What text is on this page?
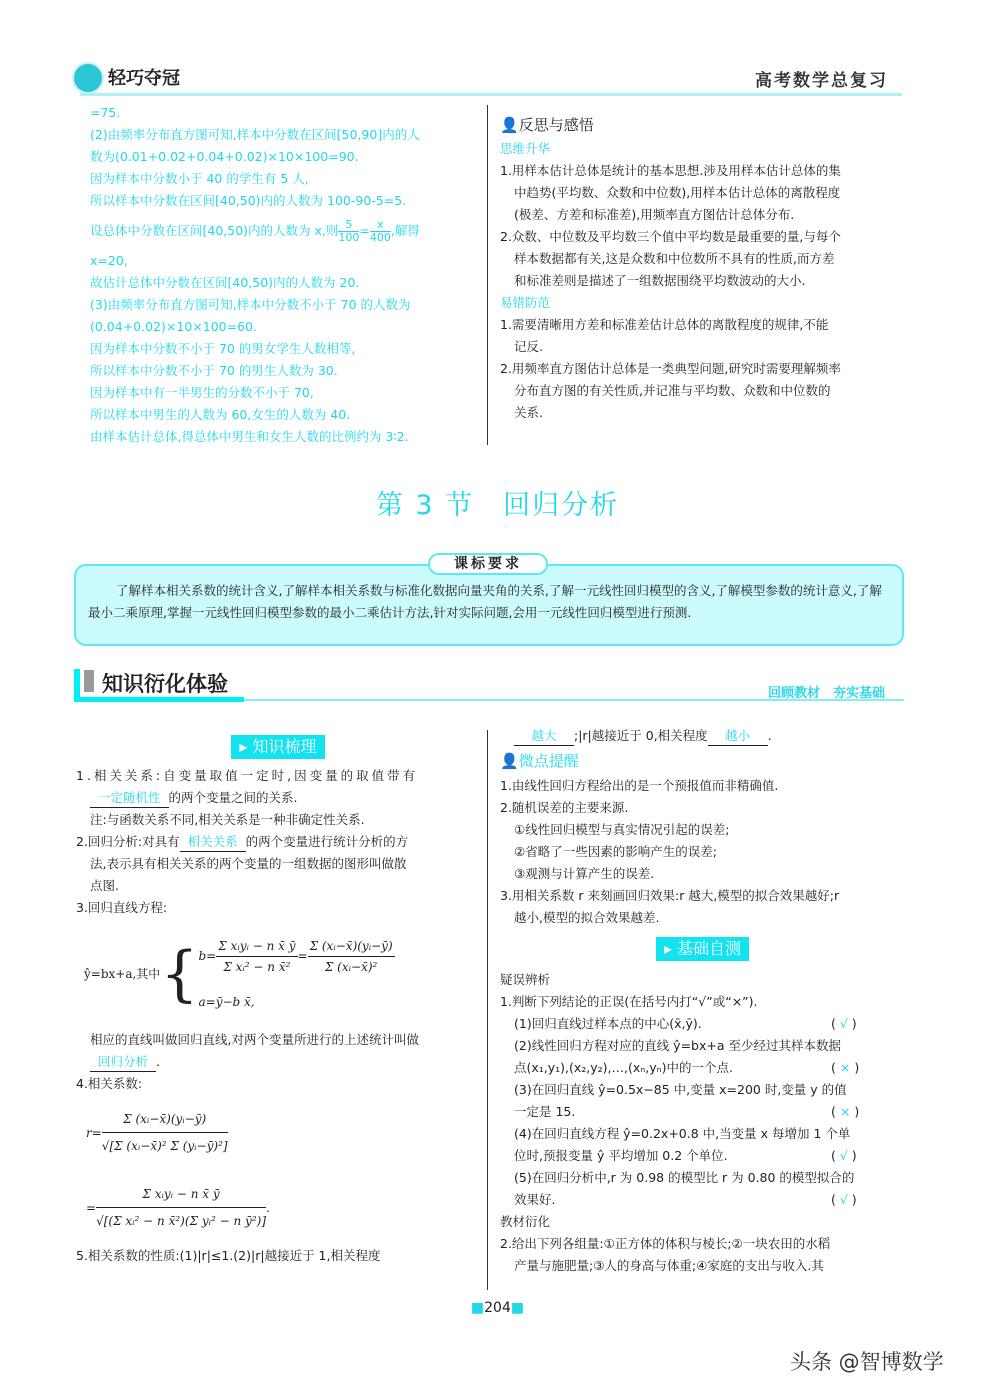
轻巧夺冠	高考数学总复习
=75.
(2)由频率分布直方图可知,样本中分数在区间[50,90]内的人
数为(0.01+0.02+0.04+0.02)×10×100=90.
因为样本中分数小于 40 的学生有 5 人,
所以样本中分数在区间[40,50)内的人数为 100-90-5=5.
设总体中分数在区间[40,50)内的人数为 x,则 $\frac{5}{100} = \frac{x}{400}$ ,解得
x=20,
故估计总体中分数在区间[40,50)内的人数为 20.
(3)由频率分布直方图可知,样本中分数不小于 70 的人数为
(0.04+0.02)×10×100=60.
因为样本中分数不小于 70 的男女学生人数相等,
所以样本中分数不小于 70 的男生人数为 30.
因为样本中有一半男生的分数不小于 70,
所以样本中男生的人数为 60,女生的人数为 40.
由样本估计总体,得总体中男生和女生人数的比例约为 3∶2.
👤反思与感悟
思维升华
1.用样本估计总体是统计的基本思想.涉及用样本估计总体的集
中趋势(平均数、众数和中位数),用样本估计总体的离散程度
(极差、方差和标准差),用频率直方图估计总体分布.
2.众数、中位数及平均数三个值中平均数是最重要的量,与每个
样本数据都有关,这是众数和中位数所不具有的性质,而方差
和标准差则是描述了一组数据围绕平均数波动的大小.
易错防范
1.需要清晰用方差和标准差估计总体的离散程度的规律,不能
记反.
2.用频率直方图估计总体是一类典型问题,研究时需要理解频率
分布直方图的有关性质,并记准与平均数、众数和中位数的
关系.
第 3 节　回归分析
了解样本相关系数的统计含义,了解样本相关系数与标准化数据向量夹角的关系,了解一元线性回归模型的含义,了解模型参数的统计意义,了解最小二乘原理,掌握一元线性回归模型参数的最小二乘估计方法,针对实际问题,会用一元线性回归模型进行预测.
课标要求
知识衍化体验	回顾教材　夯实基础
▸ 知识梳理
1.相关关系:自变量取值一定时,因变量的取值带有
一定随机性 的两个变量之间的关系.
注:与函数关系不同,相关关系是一种非确定性关系.
2.回归分析:对具有 相关关系 的两个变量进行统计分析的方
法,表示具有相关关系的两个变量的一组数据的图形叫做散
点图.
3.回归直线方程:
ŷ=bx+a,其中 { $b= \frac{\text{Σ xᵢyᵢ − n x̄ ȳ}}{\text{Σ xᵢ² − n x̄²}} = \frac{\text{Σ (xᵢ−x̄)(yᵢ−ȳ)}}{\text{Σ (xᵢ−x̄)²}}$
a=ȳ−b x̄,
相应的直线叫做回归直线,对两个变量所进行的上述统计叫做
回归分析 .
4.相关系数:
$r= \frac{\text{Σ (xᵢ−x̄)(yᵢ−ȳ)}}{\text{√[Σ (xᵢ−x̄)² Σ (yᵢ−ȳ)²]}}$
= $\frac{\text{Σ xᵢyᵢ − n x̄ ȳ}}{\text{√[(Σ xᵢ² − n x̄²)(Σ yᵢ² − n ȳ²)]}}$ .
5.相关系数的性质:(1)|r|≤1.(2)|r|越接近于 1,相关程度
越大 ;|r|越接近于 0,相关程度 越小 .
👤微点提醒
1.由线性回归方程给出的是一个预报值而非精确值.
2.随机误差的主要来源.
①线性回归模型与真实情况引起的误差;
②省略了一些因素的影响产生的误差;
③观测与计算产生的误差.
3.用相关系数 r 来刻画回归效果:r 越大,模型的拟合效果越好;r
越小,模型的拟合效果越差.
▸ 基础自测
疑误辨析
1.判断下列结论的正误(在括号内打“√”或“×”).
(1)回归直线过样本点的中心(x̄,ȳ).	( √ )
(2)线性回归方程对应的直线 ŷ=bx+a 至少经过其样本数据
点(x₁,y₁),(x₂,y₂),…,(xₙ,yₙ)中的一个点.	( × )
(3)在回归直线 ŷ=0.5x−85 中,变量 x=200 时,变量 y 的值
一定是 15.	( × )
(4)在回归直线方程 ŷ=0.2x+0.8 中,当变量 x 每增加 1 个单
位时,预报变量 ŷ 平均增加 0.2 个单位.	( √ )
(5)在回归分析中,r 为 0.98 的模型比 r 为 0.80 的模型拟合的
效果好.	( √ )
教材衍化
2.给出下列各组量:①正方体的体积与棱长;②一块农田的水稻
产量与施肥量;③人的身高与体重;④家庭的支出与收入.其
■204■
头条 @智博数学
